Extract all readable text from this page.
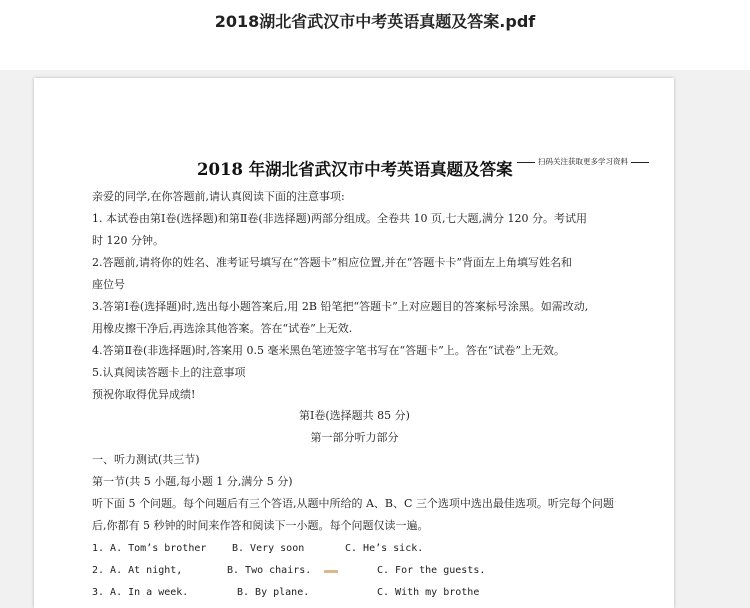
2018湖北省武汉市中考英语真题及答案.pdf
2018 年湖北省武汉市中考英语真题及答案	扫码关注获取更多学习资料
亲爱的同学,在你答题前,请认真阅读下面的注意事项:
1. 本试卷由第Ⅰ卷(选择题)和第Ⅱ卷(非选择题)两部分组成。全卷共 10 页,七大题,满分 120 分。考试用
时 120 分钟。
2.答题前,请将你的姓名、准考证号填写在“答题卡”相应位置,并在“答题卡卡”背面左上角填写姓名和
座位号
3.答第Ⅰ卷(选择题)时,选出每小题答案后,用 2B 铅笔把“答题卡”上对应题目的答案标号涂黑。如需改动,
用橡皮擦干净后,再选涂其他答案。答在“试卷”上无效.
4.答第Ⅱ卷(非选择题)时,答案用 0.5 毫米黑色笔迹签字笔书写在“答题卡”上。答在“试卷”上无效。
5.认真阅读答题卡上的注意事项
预祝你取得优异成绩!
第Ⅰ卷(选择题共 85 分)
第一部分听力部分
一、听力测试(共三节)
第一节(共 5 小题,每小题 1 分,满分 5 分)
听下面 5 个问题。每个问题后有三个答语,从题中所给的 A、B、C 三个选项中选出最佳选项。听完每个问题
后,你都有 5 秒钟的时间来作答和阅读下一小题。每个问题仅读一遍。
1. A. Tom’s brother	B. Very soon	C. He’s sick.
2. A. At night,	B. Two chairs.	C. For the guests.
3. A. In a week.	B. By plane.	C. With my brothe
